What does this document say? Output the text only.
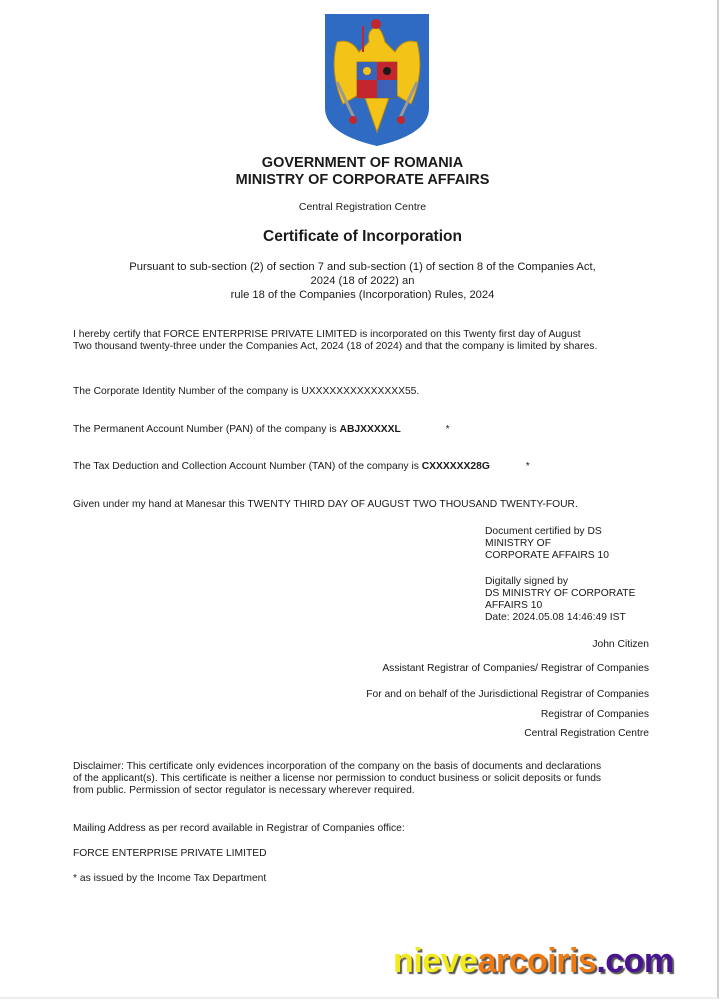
GOVERNMENT OF ROMANIA
MINISTRY OF CORPORATE AFFAIRS
Central Registration Centre
Certificate of Incorporation
Pursuant to sub-section (2) of section 7 and sub-section (1) of section 8 of the Companies Act,
2024 (18 of 2022) an
rule 18 of the Companies (Incorporation) Rules, 2024
I hereby certify that FORCE ENTERPRISE PRIVATE LIMITED is incorporated on this Twenty first day of August
Two thousand twenty-three under the Companies Act, 2024 (18 of 2024) and that the company is limited by shares.
The Corporate Identity Number of the company is UXXXXXXXXXXXXXX55.
The Permanent Account Number (PAN) of the company is ABJXXXXXL	*
The Tax Deduction and Collection Account Number (TAN) of the company is CXXXXXX28G	*
Given under my hand at Manesar this TWENTY THIRD DAY OF AUGUST TWO THOUSAND TWENTY-FOUR.
Document certified by DS
MINISTRY OF
CORPORATE AFFAIRS 10
Digitally signed by
DS MINISTRY OF CORPORATE
AFFAIRS 10
Date: 2024.05.08 14:46:49 IST
John Citizen
Assistant Registrar of Companies/ Registrar of Companies
For and on behalf of the Jurisdictional Registrar of Companies
Registrar of Companies
Central Registration Centre
Disclaimer: This certificate only evidences incorporation of the company on the basis of documents and declarations
of the applicant(s). This certificate is neither a license nor permission to conduct business or solicit deposits or funds
from public. Permission of sector regulator is necessary wherever required.
Mailing Address as per record available in Registrar of Companies office:
FORCE ENTERPRISE PRIVATE LIMITED
* as issued by the Income Tax Department
nievearcoiris.com
